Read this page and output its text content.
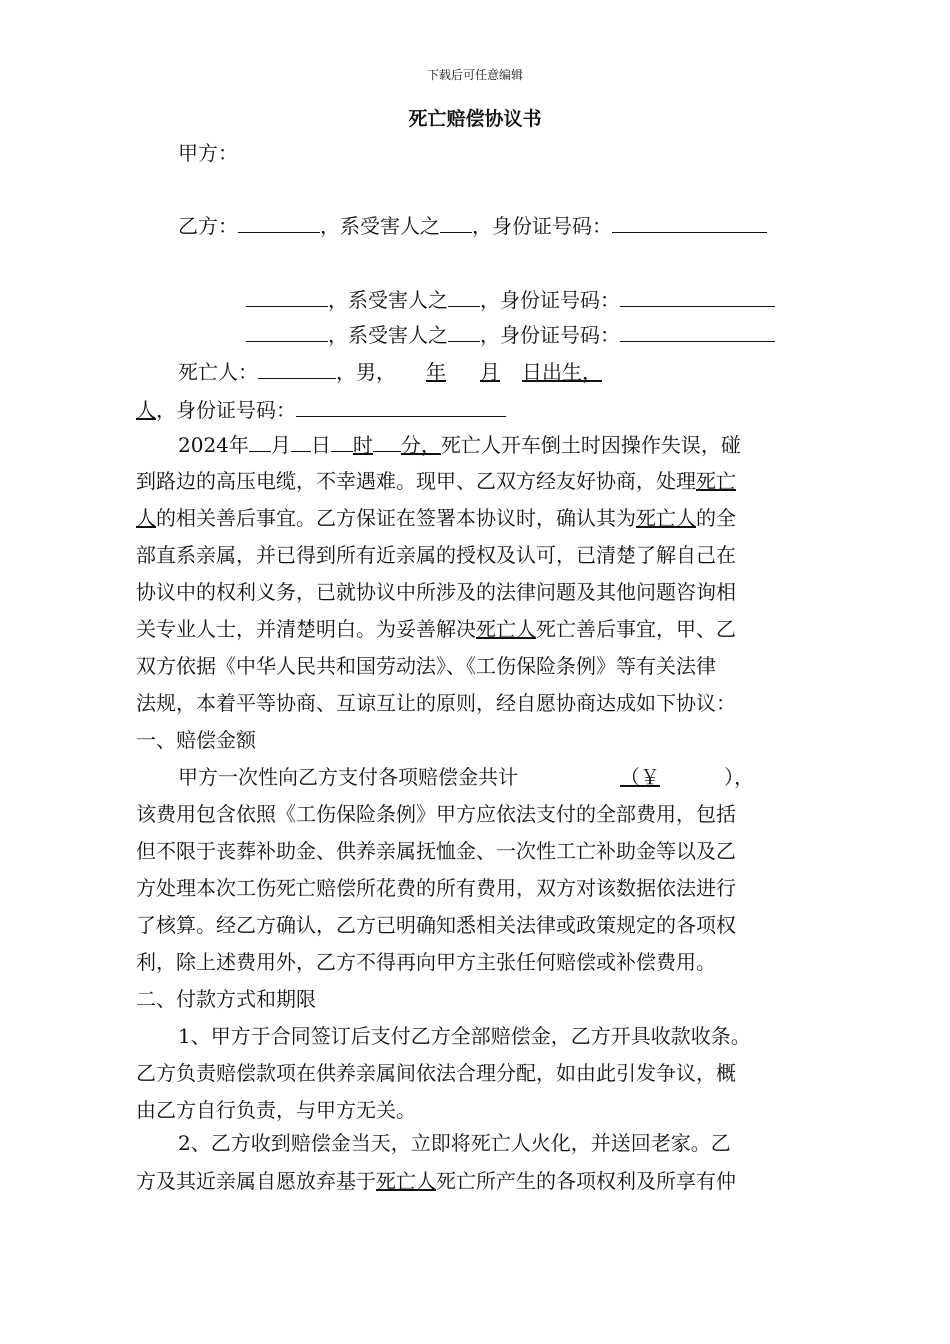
下载后可任意编辑
死亡赔偿协议书
甲方：
乙方：	，系受害人之 ，身份证号码：
，系受害人之 ，身份证号码：
，系受害人之 ，身份证号码：
死亡人：	，男， 年 月 日出生，
人，身份证号码：
2024年 月 日 时 分，死亡人开车倒土时因操作失误，碰
到路边的高压电缆，不幸遇难。现甲、乙双方经友好协商，处理死亡
人的相关善后事宜。乙方保证在签署本协议时，确认其为死亡人的全
部直系亲属，并已得到所有近亲属的授权及认可，已清楚了解自己在
协议中的权利义务，已就协议中所涉及的法律问题及其他问题咨询相
关专业人士，并清楚明白。为妥善解决死亡人死亡善后事宜，甲、乙
双方依据《中华人民共和国劳动法》、《工伤保险条例》等有关法律
法规，本着平等协商、互谅互让的原则，经自愿协商达成如下协议：
一、赔偿金额
甲方一次性向乙方支付各项赔偿金共计	（￥	），
该费用包含依照《工伤保险条例》甲方应依法支付的全部费用，包括
但不限于丧葬补助金、供养亲属抚恤金、一次性工亡补助金等以及乙
方处理本次工伤死亡赔偿所花费的所有费用，双方对该数据依法进行
了核算。经乙方确认，乙方已明确知悉相关法律或政策规定的各项权
利，除上述费用外，乙方不得再向甲方主张任何赔偿或补偿费用。
二、付款方式和期限
1、甲方于合同签订后支付乙方全部赔偿金，乙方开具收款收条。
乙方负责赔偿款项在供养亲属间依法合理分配，如由此引发争议，概
由乙方自行负责，与甲方无关。
2、乙方收到赔偿金当天，立即将死亡人火化，并送回老家。乙
方及其近亲属自愿放弃基于死亡人死亡所产生的各项权利及所享有仲
